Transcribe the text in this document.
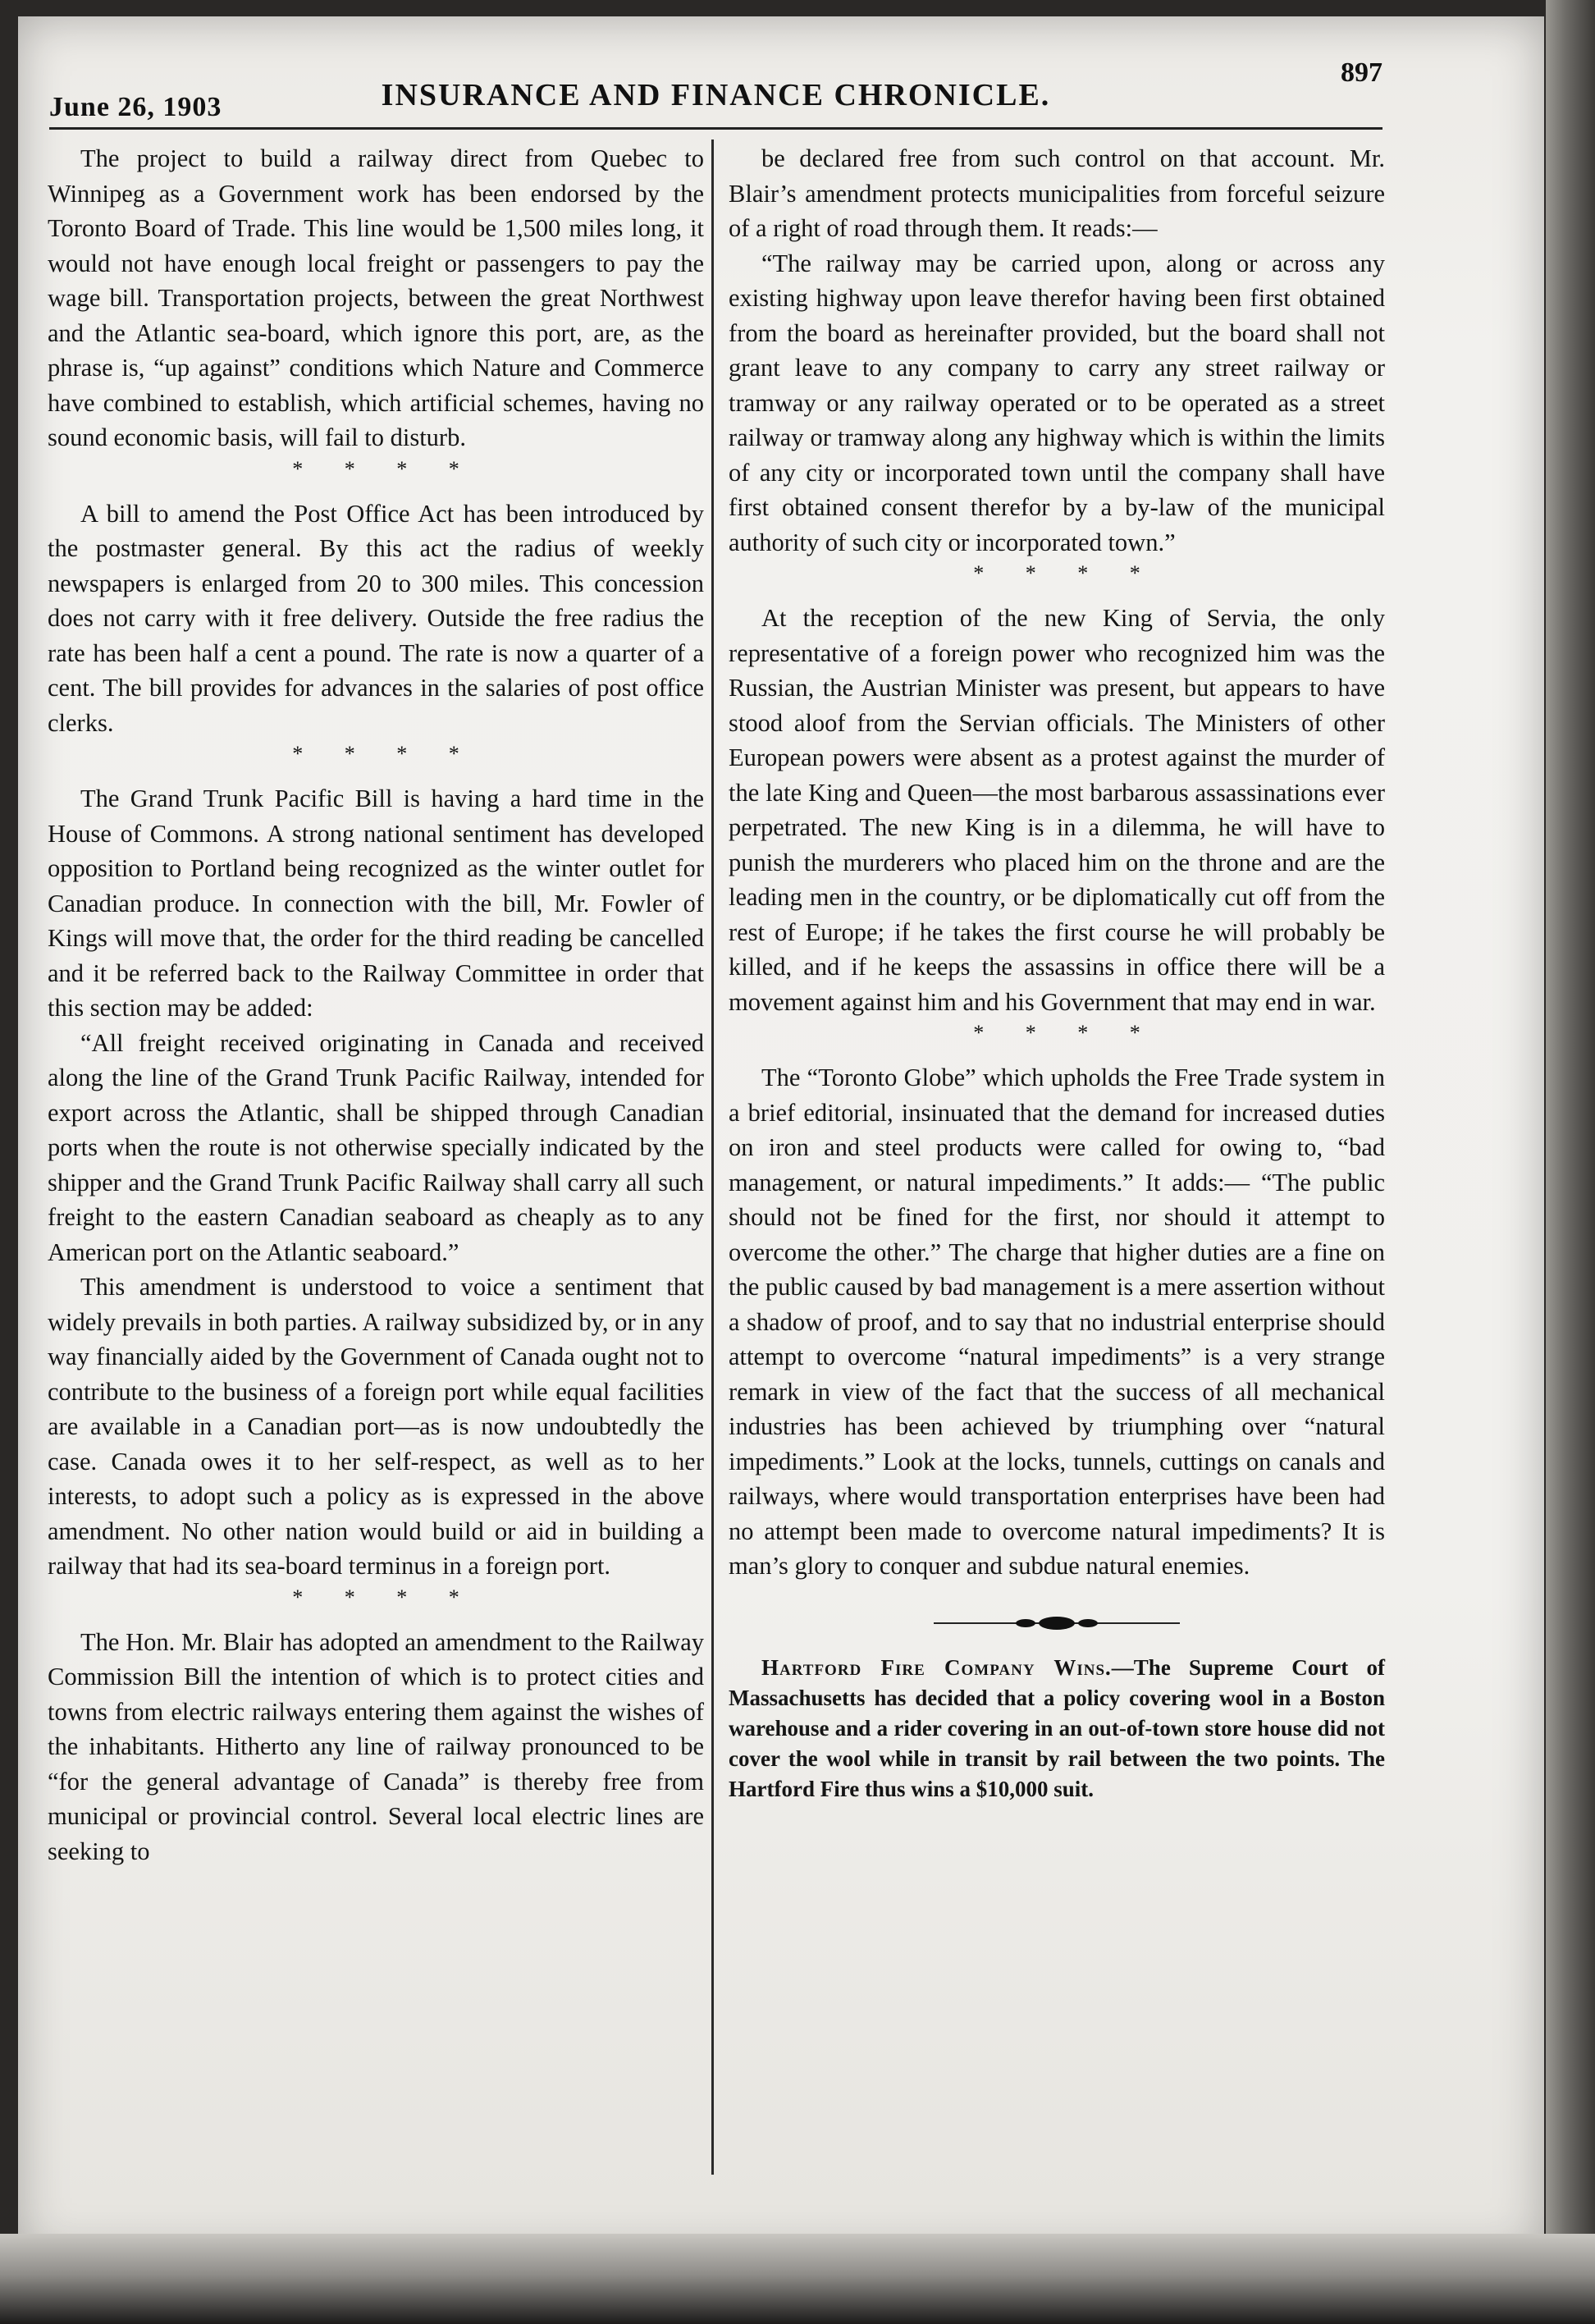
June 26, 1903	INSURANCE AND FINANCE CHRONICLE.
897

The project to build a railway direct from Quebec to Winnipeg as a Government work has been endorsed by the Toronto Board of Trade. This line would be 1,500 miles long, it would not have enough local freight or passengers to pay the wage bill. Transportation projects, between the great Northwest and the Atlantic sea-board, which ignore this port, are, as the phrase is, “up against” conditions which Nature and Commerce have combined to establish, which artificial schemes, having no sound economic basis, will fail to disturb.

* * * *

A bill to amend the Post Office Act has been introduced by the postmaster general. By this act the radius of weekly newspapers is enlarged from 20 to 300 miles. This concession does not carry with it free delivery. Outside the free radius the rate has been half a cent a pound. The rate is now a quarter of a cent. The bill provides for advances in the salaries of post office clerks.

* * * *

The Grand Trunk Pacific Bill is having a hard time in the House of Commons. A strong national sentiment has developed opposition to Portland being recognized as the winter outlet for Canadian produce. In connection with the bill, Mr. Fowler of Kings will move that, the order for the third reading be cancelled and it be referred back to the Railway Committee in order that this section may be added:

“All freight received originating in Canada and received along the line of the Grand Trunk Pacific Railway, intended for export across the Atlantic, shall be shipped through Canadian ports when the route is not otherwise specially indicated by the shipper and the Grand Trunk Pacific Railway shall carry all such freight to the eastern Canadian seaboard as cheaply as to any American port on the Atlantic seaboard.”

This amendment is understood to voice a sentiment that widely prevails in both parties. A railway subsidized by, or in any way financially aided by the Government of Canada ought not to contribute to the business of a foreign port while equal facilities are available in a Canadian port—as is now undoubtedly the case. Canada owes it to her self-respect, as well as to her interests, to adopt such a policy as is expressed in the above amendment. No other nation would build or aid in building a railway that had its sea-board terminus in a foreign port.

* * * *

The Hon. Mr. Blair has adopted an amendment to the Railway Commission Bill the intention of which is to protect cities and towns from electric railways entering them against the wishes of the inhabitants. Hitherto any line of railway pronounced to be “for the general advantage of Canada” is thereby free from municipal or provincial control. Several local electric lines are seeking to

be declared free from such control on that account. Mr. Blair’s amendment protects municipalities from forceful seizure of a right of road through them. It reads:—

“The railway may be carried upon, along or across any existing highway upon leave therefor having been first obtained from the board as hereinafter provided, but the board shall not grant leave to any company to carry any street railway or tramway or any railway operated or to be operated as a street railway or tramway along any highway which is within the limits of any city or incorporated town until the company shall have first obtained consent therefor by a by-law of the municipal authority of such city or incorporated town.”

* * * *

At the reception of the new King of Servia, the only representative of a foreign power who recognized him was the Russian, the Austrian Minister was present, but appears to have stood aloof from the Servian officials. The Ministers of other European powers were absent as a protest against the murder of the late King and Queen—the most barbarous assassinations ever perpetrated. The new King is in a dilemma, he will have to punish the murderers who placed him on the throne and are the leading men in the country, or be diplomatically cut off from the rest of Europe; if he takes the first course he will probably be killed, and if he keeps the assassins in office there will be a movement against him and his Government that may end in war.

* * * *

The “Toronto Globe” which upholds the Free Trade system in a brief editorial, insinuated that the demand for increased duties on iron and steel products were called for owing to, “bad management, or natural impediments.” It adds:— “The public should not be fined for the first, nor should it attempt to overcome the other.” The charge that higher duties are a fine on the public caused by bad management is a mere assertion without a shadow of proof, and to say that no industrial enterprise should attempt to overcome “natural impediments” is a very strange remark in view of the fact that the success of all mechanical industries has been achieved by triumphing over “natural impediments.” Look at the locks, tunnels, cuttings on canals and railways, where would transportation enterprises have been had no attempt been made to overcome natural impediments? It is man’s glory to conquer and subdue natural enemies.

Hartford Fire Company Wins.—The Supreme Court of Massachusetts has decided that a policy covering wool in a Boston warehouse and a rider covering in an out-of-town store house did not cover the wool while in transit by rail between the two points. The Hartford Fire thus wins a $10,000 suit.
